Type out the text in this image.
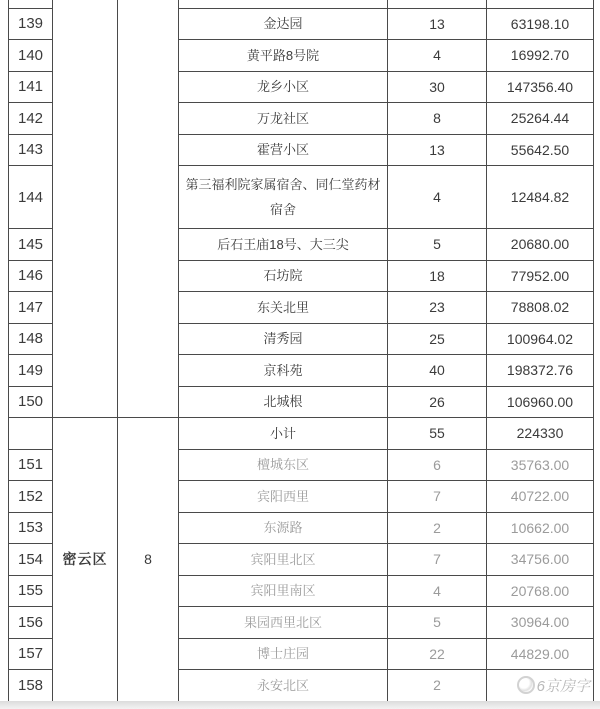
139			金达园	13	63198.10
140			黄平路8号院	4	16992.70
141			龙乡小区	30	147356.40
142			万龙社区	8	25264.44
143			霍营小区	13	55642.50
144			第三福利院家属宿舍、同仁堂药材宿舍	4	12484.82
145			后石王庙18号、大三尖	5	20680.00
146			石坊院	18	77952.00
147			东关北里	23	78808.02
148			清秀园	25	100964.02
149			京科苑	40	198372.76
150			北城根	26	106960.00
	密云区	8	小计	55	224330
151			檀城东区	6	35763.00
152			宾阳西里	7	40722.00
153			东源路	2	10662.00
154			宾阳里北区	7	34756.00
155			宾阳里南区	4	20768.00
156			果园西里北区	5	30964.00
157			博士庄园	22	44829.00
158			永安北区	2	6京房字
